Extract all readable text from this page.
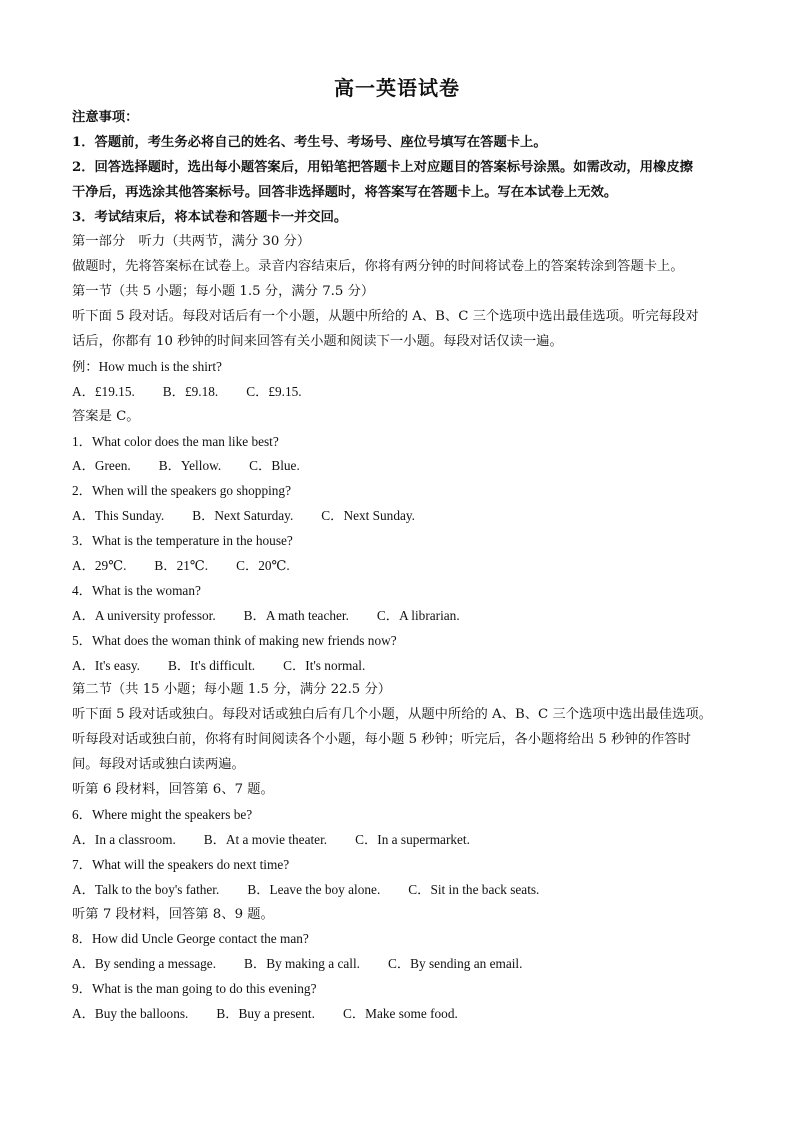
高一英语试卷
注意事项：
1．答题前，考生务必将自己的姓名、考生号、考场号、座位号填写在答题卡上。
2．回答选择题时，选出每小题答案后，用铅笔把答题卡上对应题目的答案标号涂黑。如需改动，用橡皮擦
干净后，再选涂其他答案标号。回答非选择题时，将答案写在答题卡上。写在本试卷上无效。
3．考试结束后，将本试卷和答题卡一并交回。
第一部分　听力（共两节，满分 30 分）
做题时，先将答案标在试卷上。录音内容结束后，你将有两分钟的时间将试卷上的答案转涂到答题卡上。
第一节（共 5 小题；每小题 1.5 分，满分 7.5 分）
听下面 5 段对话。每段对话后有一个小题，从题中所给的 A、B、C 三个选项中选出最佳选项。听完每段对
话后，你都有 10 秒钟的时间来回答有关小题和阅读下一小题。每段对话仅读一遍。
例：How much is the shirt?
A．£19.15. B．£9.18. C．£9.15.
答案是 C。
1．What color does the man like best?
A．Green. B．Yellow. C．Blue.
2．When will the speakers go shopping?
A．This Sunday. B．Next Saturday. C．Next Sunday.
3．What is the temperature in the house?
A．29℃. B．21℃. C．20℃.
4．What is the woman?
A．A university professor. B．A math teacher. C．A librarian.
5．What does the woman think of making new friends now?
A．It's easy. B．It's difficult. C．It's normal.
第二节（共 15 小题；每小题 1.5 分，满分 22.5 分）
听下面 5 段对话或独白。每段对话或独白后有几个小题，从题中所给的 A、B、C 三个选项中选出最佳选项。
听每段对话或独白前，你将有时间阅读各个小题，每小题 5 秒钟；听完后，各小题将给出 5 秒钟的作答时
间。每段对话或独白读两遍。
听第 6 段材料，回答第 6、7 题。
6．Where might the speakers be?
A．In a classroom. B．At a movie theater. C．In a supermarket.
7．What will the speakers do next time?
A．Talk to the boy's father. B．Leave the boy alone. C．Sit in the back seats.
听第 7 段材料，回答第 8、9 题。
8．How did Uncle George contact the man?
A．By sending a message. B．By making a call. C．By sending an email.
9．What is the man going to do this evening?
A．Buy the balloons. B．Buy a present. C．Make some food.
